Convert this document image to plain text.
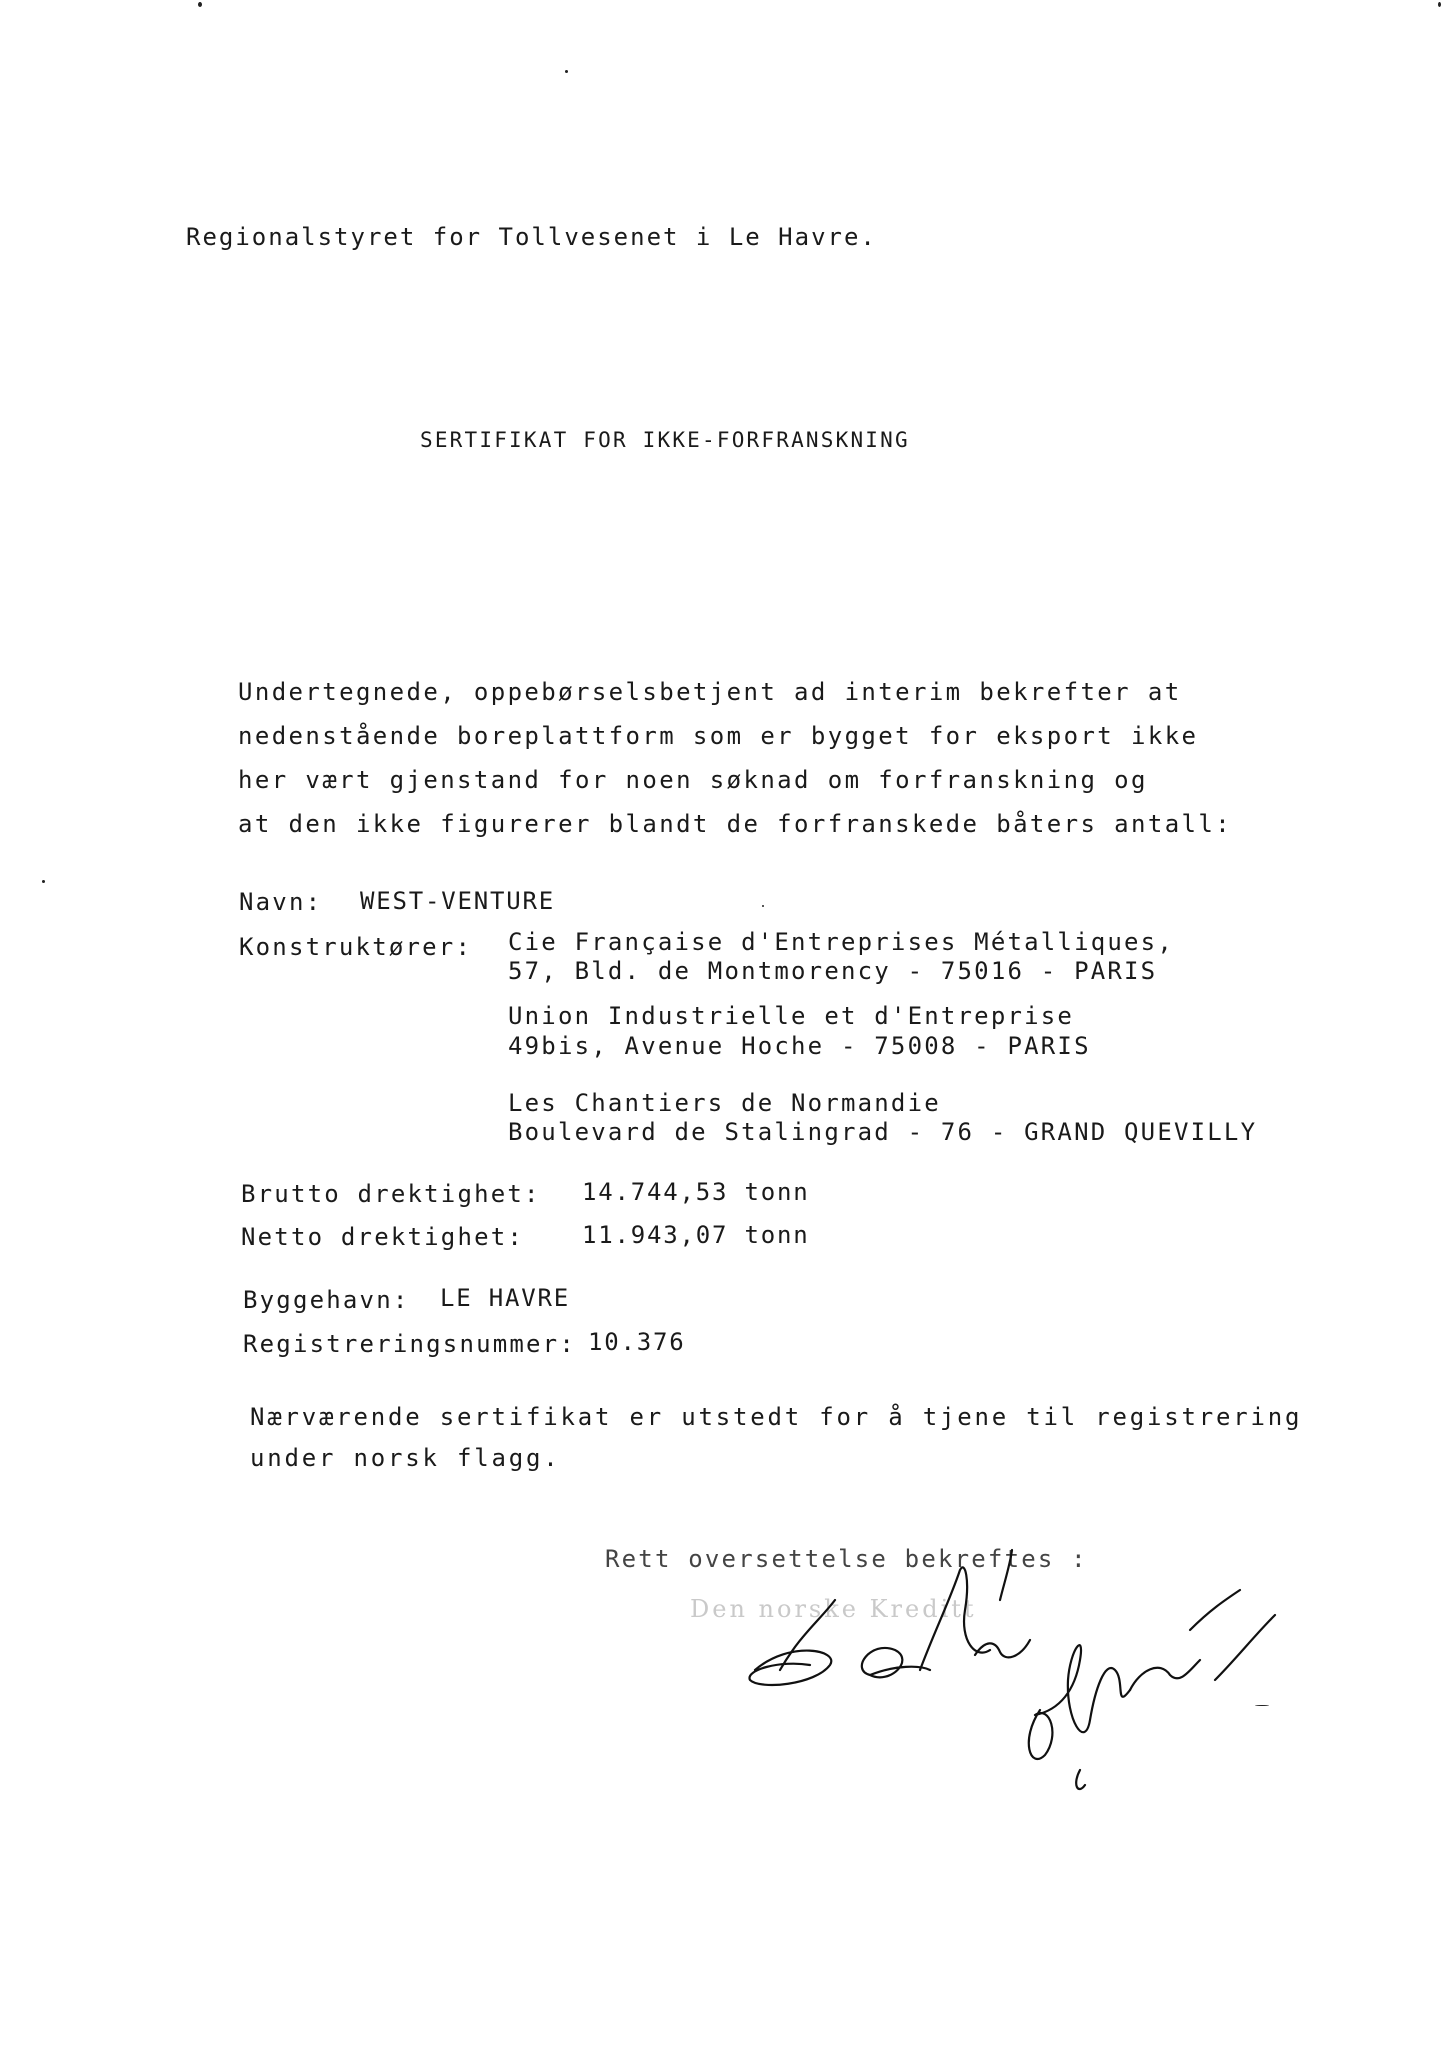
Regionalstyret for Tollvesenet i Le Havre.
SERTIFIKAT FOR IKKE-FORFRANSKNING
Undertegnede, oppebørselsbetjent ad interim bekrefter at
nedenstående boreplattform som er bygget for eksport ikke
her vært gjenstand for noen søknad om forfranskning og
at den ikke figurerer blandt de forfranskede båters antall:
Navn: WEST-VENTURE
Konstruktører: Cie Française d'Entreprises Métalliques,
57, Bld. de Montmorency - 75016 - PARIS
Union Industrielle et d'Entreprise
49bis, Avenue Hoche - 75008 - PARIS
Les Chantiers de Normandie
Boulevard de Stalingrad - 76 - GRAND QUEVILLY
Brutto drektighet: 14.744,53 tonn
Netto drektighet: 11.943,07 tonn
Byggehavn: LE HAVRE
Registreringsnummer: 10.376
Nærværende sertifikat er utstedt for å tjene til registrering
under norsk flagg.
Rett oversettelse bekreftes :
Den norske Kreditt
